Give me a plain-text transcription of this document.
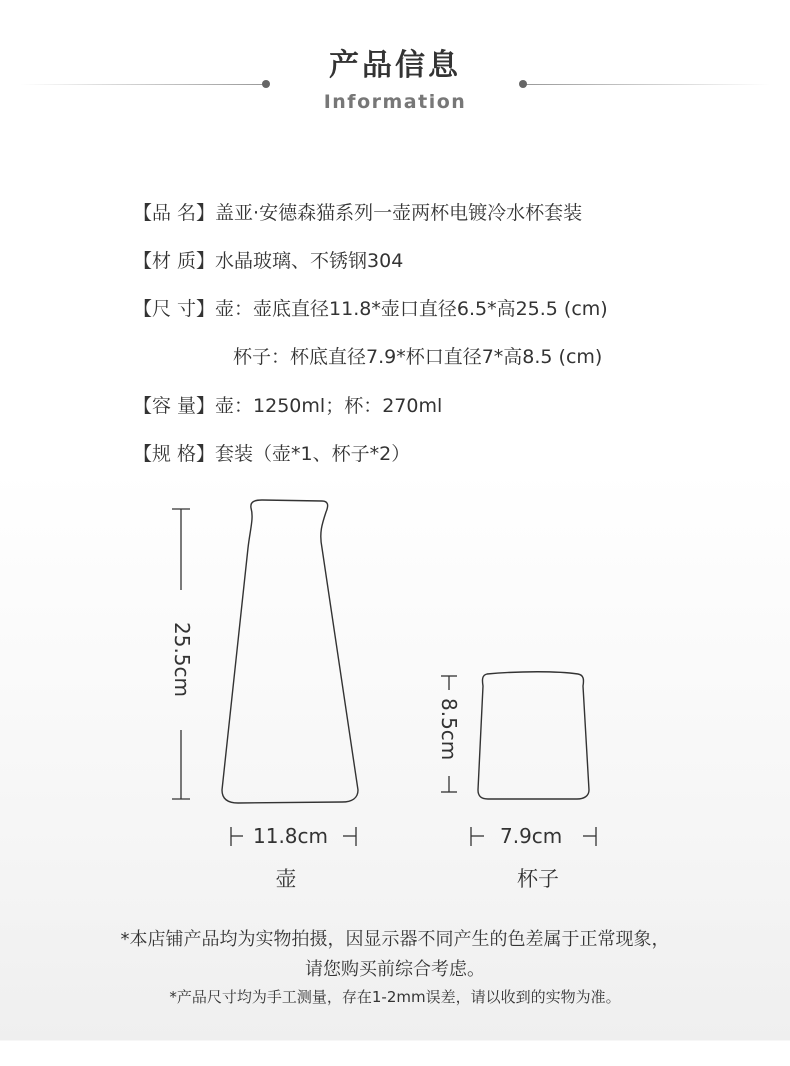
产品信息
Information
【品 名】盖亚·安德森猫系列一壶两杯电镀冷水杯套装
【材 质】水晶玻璃、不锈钢304
【尺 寸】壶：壶底直径11.8*壶口直径6.5*高25.5 (cm)
杯子：杯底直径7.9*杯口直径7*高8.5 (cm)
【容 量】壶：1250ml；杯：270ml
【规 格】套装（壶*1、杯子*2）
25.5cm
8.5cm
11.8cm	7.9cm
壶	杯子
*本店铺产品均为实物拍摄，因显示器不同产生的色差属于正常现象，
请您购买前综合考虑。
*产品尺寸均为手工测量，存在1-2mm误差，请以收到的实物为准。
